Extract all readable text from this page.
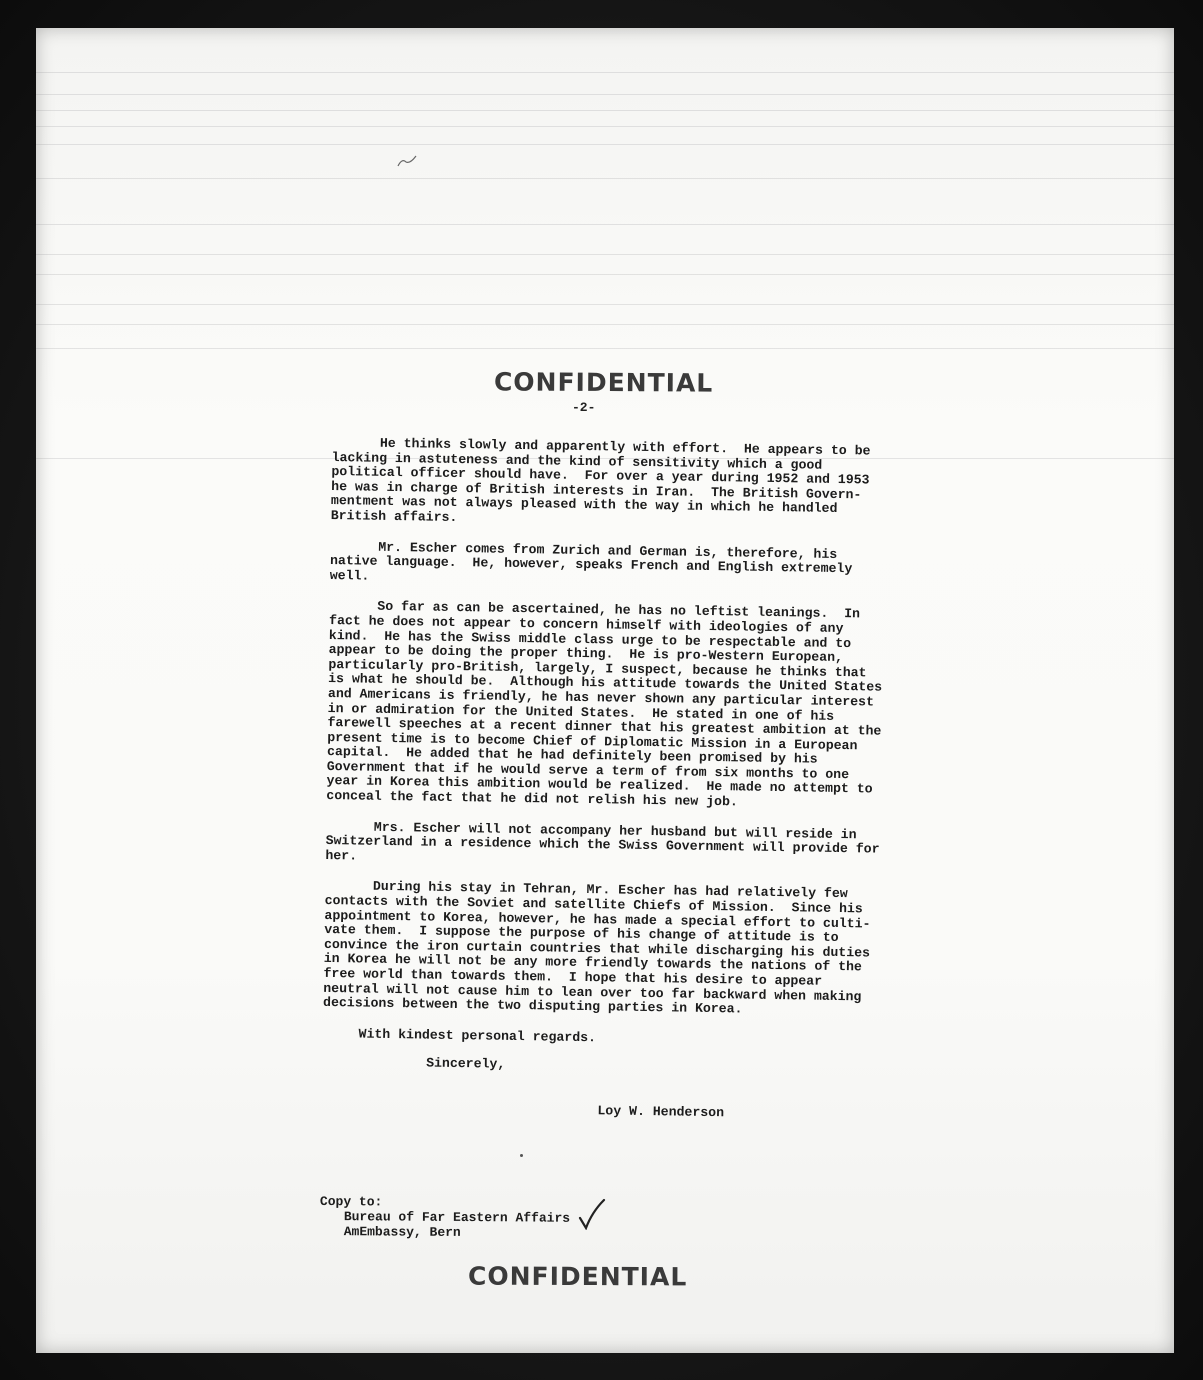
CONFIDENTIAL
-2-

He thinks slowly and apparently with effort.  He appears to be lacking in astuteness and the kind of sensitivity which a good political officer should have.  For over a year during 1952 and 1953 he was in charge of British interests in Iran.  The British Govern-mentment was not always pleased with the way in which he handled British affairs.

Mr. Escher comes from Zurich and German is, therefore, his native language.  He, however, speaks French and English extremely well.

So far as can be ascertained, he has no leftist leanings.  In fact he does not appear to concern himself with ideologies of any kind.  He has the Swiss middle class urge to be respectable and to appear to be doing the proper thing.  He is pro-Western European, particularly pro-British, largely, I suspect, because he thinks that is what he should be.  Although his attitude towards the United States and Americans is friendly, he has never shown any particular interest in or admiration for the United States.  He stated in one of his farewell speeches at a recent dinner that his greatest ambition at the present time is to become Chief of Diplomatic Mission in a European capital.  He added that he had definitely been promised by his Government that if he would serve a term of from six months to one year in Korea this ambition would be realized.  He made no attempt to conceal the fact that he did not relish his new job.

Mrs. Escher will not accompany her husband but will reside in Switzerland in a residence which the Swiss Government will provide for her.

During his stay in Tehran, Mr. Escher has had relatively few contacts with the Soviet and satellite Chiefs of Mission.  Since his appointment to Korea, however, he has made a special effort to culti-vate them.  I suppose the purpose of his change of attitude is to convince the iron curtain countries that while discharging his duties in Korea he will not be any more friendly towards the nations of the free world than towards them.  I hope that his desire to appear neutral will not cause him to lean over too far backward when making decisions between the two disputing parties in Korea.

With kindest personal regards.

Sincerely,

Loy W. Henderson

Copy to:

Bureau of Far Eastern Affairs

AmEmbassy, Bern

CONFIDENTIAL
